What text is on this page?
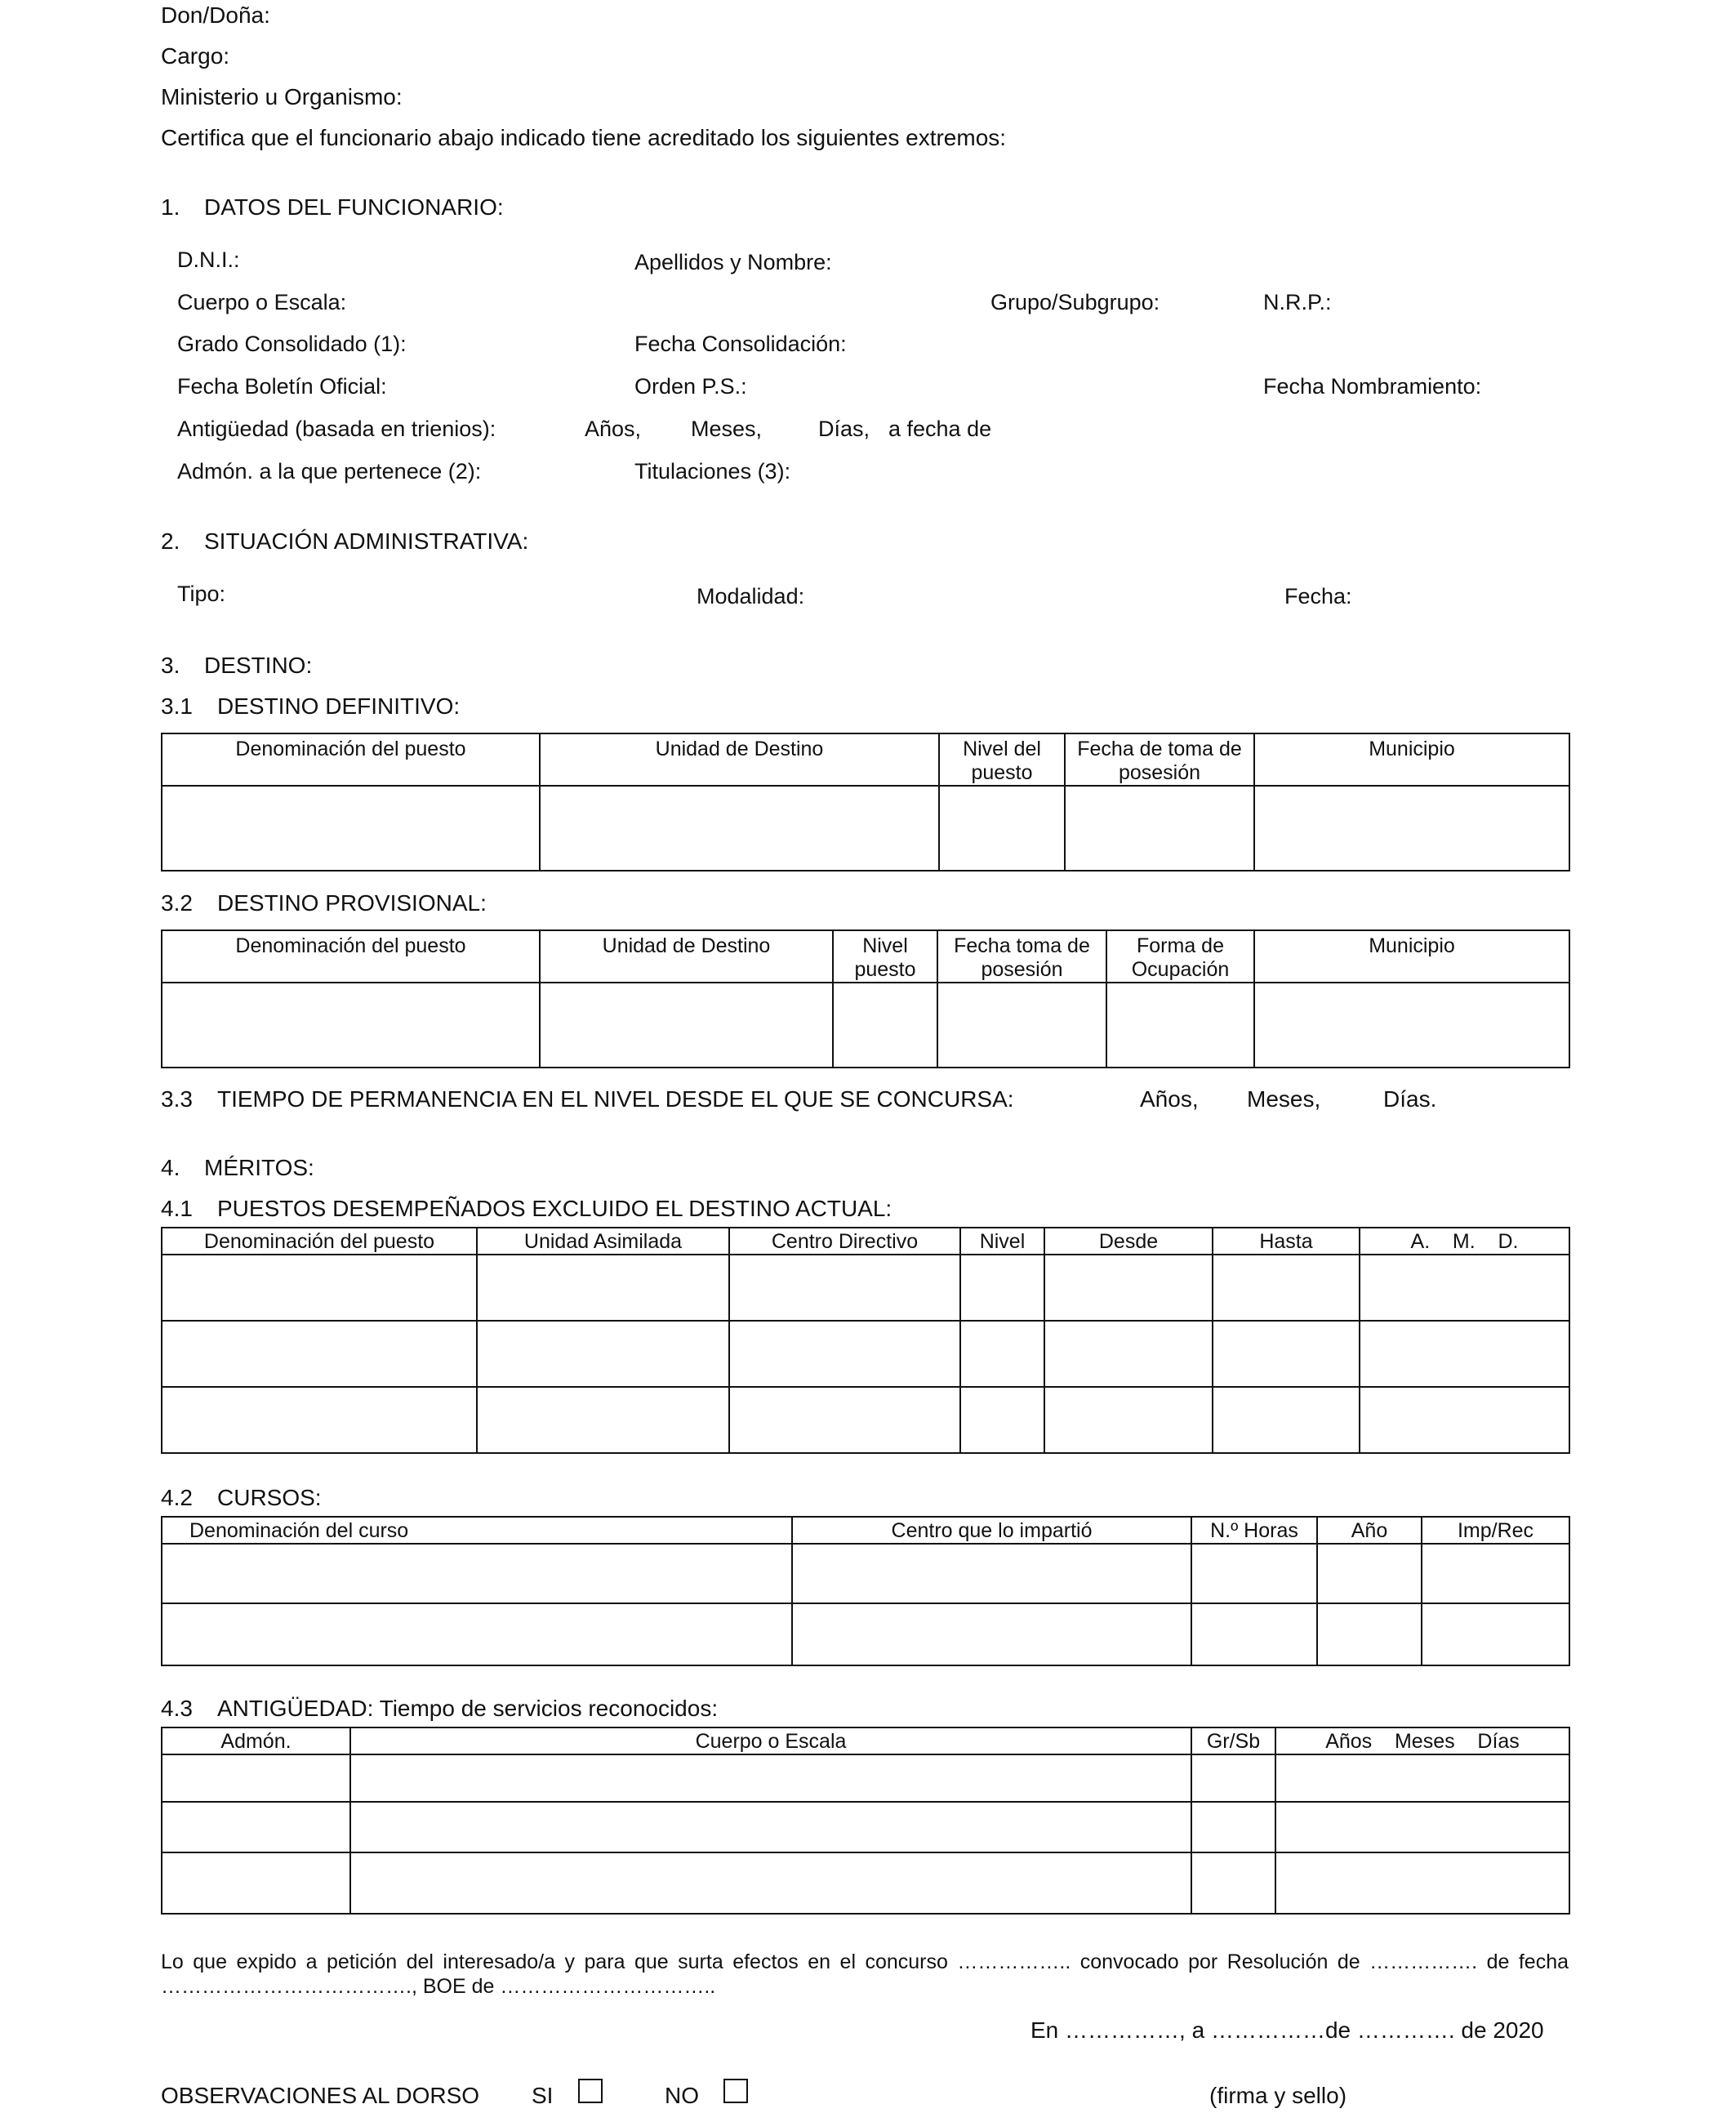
Don/Doña:
Cargo:
Ministerio u Organismo:
Certifica que el funcionario abajo indicado tiene acreditado los siguientes extremos:
1. DATOS DEL FUNCIONARIO:
D.N.I.:	Apellidos y Nombre:
Cuerpo o Escala:	Grupo/Subgrupo:	N.R.P.:
Grado Consolidado (1):	Fecha Consolidación:
Fecha Boletín Oficial:	Orden P.S.:	Fecha Nombramiento:
Antigüedad (basada en trienios):	Años, Meses,	Días, a fecha de
Admón. a la que pertenece (2):	Titulaciones (3):
2. SITUACIÓN ADMINISTRATIVA:
Tipo:	Modalidad:	Fecha:
3. DESTINO:
3.1 DESTINO DEFINITIVO:
Denominación del puesto	Unidad de Destino	Nivel del puesto	Fecha de toma de posesión	Municipio

3.2 DESTINO PROVISIONAL:
Denominación del puesto	Unidad de Destino	Nivel puesto	Fecha toma de posesión	Forma de Ocupación	Municipio

3.3 TIEMPO DE PERMANENCIA EN EL NIVEL DESDE EL QUE SE CONCURSA:	Años, Meses,	Días.
4. MÉRITOS:
4.1 PUESTOS DESEMPEÑADOS EXCLUIDO EL DESTINO ACTUAL:
Denominación del puesto	Unidad Asimilada	Centro Directivo	Nivel	Desde	Hasta	A.    M.    D.

4.2 CURSOS:
Denominación del curso	Centro que lo impartió	N.º Horas	Año	Imp/Rec

4.3 ANTIGÜEDAD: Tiempo de servicios reconocidos:
Admón.	Cuerpo o Escala	Gr/Sb	Años    Meses    Días

Lo que expido a petición del interesado/a y para que surta efectos en el concurso …………….. convocado por Resolución de ……………. de fecha
………………………………., BOE de …………………………..
En ……………, a ……………de …………. de 2020
OBSERVACIONES AL DORSO SI	NO	(firma y sello)
